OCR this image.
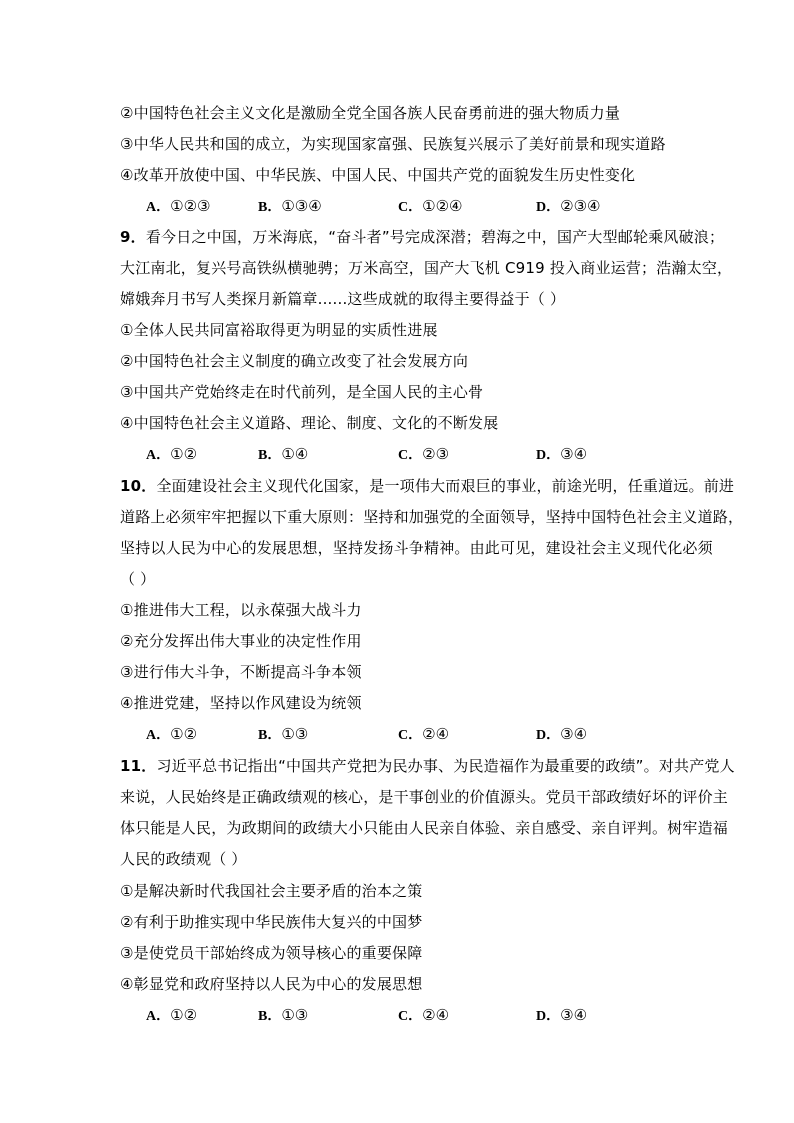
②中国特色社会主义文化是激励全党全国各族人民奋勇前进的强大物质力量
③中华人民共和国的成立，为实现国家富强、民族复兴展示了美好前景和现实道路
④改革开放使中国、中华民族、中国人民、中国共产党的面貌发生历史性变化
A．①②③	B．①③④	C．①②④	D．②③④
9．看今日之中国，万米海底，“奋斗者”号完成深潜；碧海之中，国产大型邮轮乘风破浪；
大江南北，复兴号高铁纵横驰骋；万米高空，国产大飞机 C919 投入商业运营；浩瀚太空，
嫦娥奔月书写人类探月新篇章......这些成就的取得主要得益于（ ）
①全体人民共同富裕取得更为明显的实质性进展
②中国特色社会主义制度的确立改变了社会发展方向
③中国共产党始终走在时代前列，是全国人民的主心骨
④中国特色社会主义道路、理论、制度、文化的不断发展
A．①②	B．①④	C．②③	D．③④
10．全面建设社会主义现代化国家，是一项伟大而艰巨的事业，前途光明，任重道远。前进
道路上必须牢牢把握以下重大原则：坚持和加强党的全面领导，坚持中国特色社会主义道路，
坚持以人民为中心的发展思想，坚持发扬斗争精神。由此可见，建设社会主义现代化必须
（ ）
①推进伟大工程，以永葆强大战斗力
②充分发挥出伟大事业的决定性作用
③进行伟大斗争，不断提高斗争本领
④推进党建，坚持以作风建设为统领
A．①②	B．①③	C．②④	D．③④
11．习近平总书记指出“中国共产党把为民办事、为民造福作为最重要的政绩”。对共产党人
来说，人民始终是正确政绩观的核心，是干事创业的价值源头。党员干部政绩好坏的评价主
体只能是人民，为政期间的政绩大小只能由人民亲自体验、亲自感受、亲自评判。树牢造福
人民的政绩观（ ）
①是解决新时代我国社会主要矛盾的治本之策
②有利于助推实现中华民族伟大复兴的中国梦
③是使党员干部始终成为领导核心的重要保障
④彰显党和政府坚持以人民为中心的发展思想
A．①②	B．①③	C．②④	D．③④
